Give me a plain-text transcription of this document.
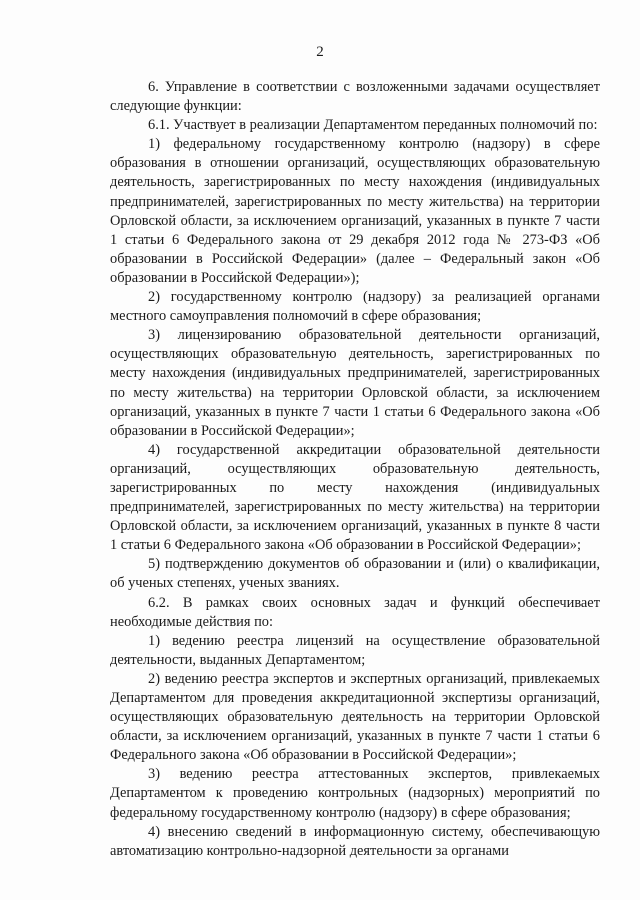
2

6. Управление в соответствии с возложенными задачами осуществляет следующие функции:

6.1. Участвует в реализации Департаментом переданных полномочий по:

1) федеральному государственному контролю (надзору) в сфере образования в отношении организаций, осуществляющих образовательную деятельность, зарегистрированных по месту нахождения (индивидуальных предпринимателей, зарегистрированных по месту жительства) на территории Орловской области, за исключением организаций, указанных в пункте 7 части 1 статьи 6 Федерального закона от 29 декабря 2012 года № 273-ФЗ «Об образовании в Российской Федерации» (далее – Федеральный закон «Об образовании в Российской Федерации»);

2) государственному контролю (надзору) за реализацией органами местного самоуправления полномочий в сфере образования;

3) лицензированию образовательной деятельности организаций, осуществляющих образовательную деятельность, зарегистрированных по месту нахождения (индивидуальных предпринимателей, зарегистрированных по месту жительства) на территории Орловской области, за исключением организаций, указанных в пункте 7 части 1 статьи 6 Федерального закона «Об образовании в Российской Федерации»;

4) государственной аккредитации образовательной деятельности организаций, осуществляющих образовательную деятельность, зарегистрированных по месту нахождения (индивидуальных предпринимателей, зарегистрированных по месту жительства) на территории Орловской области, за исключением организаций, указанных в пункте 8 части 1 статьи 6 Федерального закона «Об образовании в Российской Федерации»;

5) подтверждению документов об образовании и (или) о квалификации, об ученых степенях, ученых званиях.

6.2. В рамках своих основных задач и функций обеспечивает необходимые действия по:

1) ведению реестра лицензий на осуществление образовательной деятельности, выданных Департаментом;

2) ведению реестра экспертов и экспертных организаций, привлекаемых Департаментом для проведения аккредитационной экспертизы организаций, осуществляющих образовательную деятельность на территории Орловской области, за исключением организаций, указанных в пункте 7 части 1 статьи 6 Федерального закона «Об образовании в Российской Федерации»;

3) ведению реестра аттестованных экспертов, привлекаемых Департаментом к проведению контрольных (надзорных) мероприятий по федеральному государственному контролю (надзору) в сфере образования;

4) внесению сведений в информационную систему, обеспечивающую автоматизацию контрольно-надзорной деятельности за органами
